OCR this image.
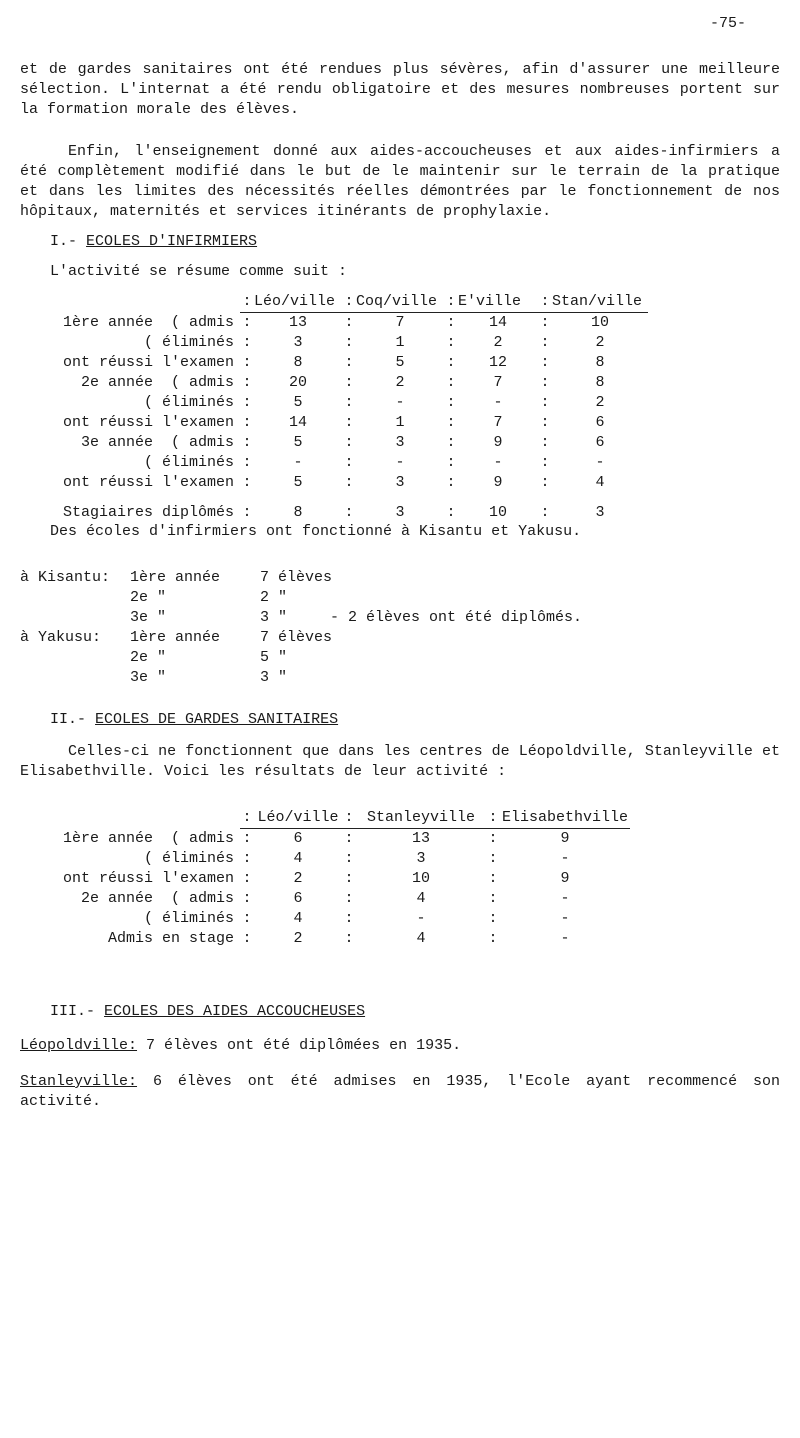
-75-

et de gardes sanitaires ont été rendues plus sévères, afin d'assurer une meilleure sélection. L'internat a été rendu obligatoire et des mesures nombreuses portent sur la formation morale des élèves.

Enfin, l'enseignement donné aux aides-accoucheuses et aux aides-infirmiers a été complètement modifié dans le but de le maintenir sur le terrain de la pratique et dans les limites des nécessités réelles démontrées par le fonctionnement de nos hôpitaux, maternités et services itinérants de prophylaxie.

I.- ECOLES D'INFIRMIERS
L'activité se résume comme suit :
	:	Léo/ville	:	Coq/ville	:	E'ville	:	Stan/ville
1ère année  ( admis	:	13	:	7	:	14	:	10
( éliminés	:	3	:	1	:	2	:	2
ont réussi l'examen	:	8	:	5	:	12	:	8
2e année  ( admis	:	20	:	2	:	7	:	8
( éliminés	:	5	:	-	:	-	:	2
ont réussi l'examen	:	14	:	1	:	7	:	6
3e année  ( admis	:	5	:	3	:	9	:	6
( éliminés	:	-	:	-	:	-	:	-
ont réussi l'examen	:	5	:	3	:	9	:	4

Stagiaires diplômés	:	8	:	3	:	10	:	3
Des écoles d'infirmiers ont fonctionné à Kisantu et Yakusu.
à Kisantu: 1ère année	7 élèves
2e "	2 "
3e "	3 "	- 2 élèves ont été diplômés.
à Yakusu: 1ère année	7 élèves
2e "	5 "
3e "	3 "
II.- ECOLES DE GARDES SANITAIRES

Celles-ci ne fonctionnent que dans les centres de Léopoldville, Stanleyville et Elisabethville. Voici les résultats de leur activité :

	:	Léo/ville	:	Stanleyville	:	Elisabethville
1ère année  ( admis	:	6	:	13	:	9
( éliminés	:	4	:	3	:	-
ont réussi l'examen	:	2	:	10	:	9
2e année  ( admis	:	6	:	4	:	-
( éliminés	:	4	:	-	:	-
Admis en stage	:	2	:	4	:	-
III.- ECOLES DES AIDES ACCOUCHEUSES
Léopoldville: 7 élèves ont été diplômées en 1935.

Stanleyville: 6 élèves ont été admises en 1935, l'Ecole ayant recommencé son activité.
